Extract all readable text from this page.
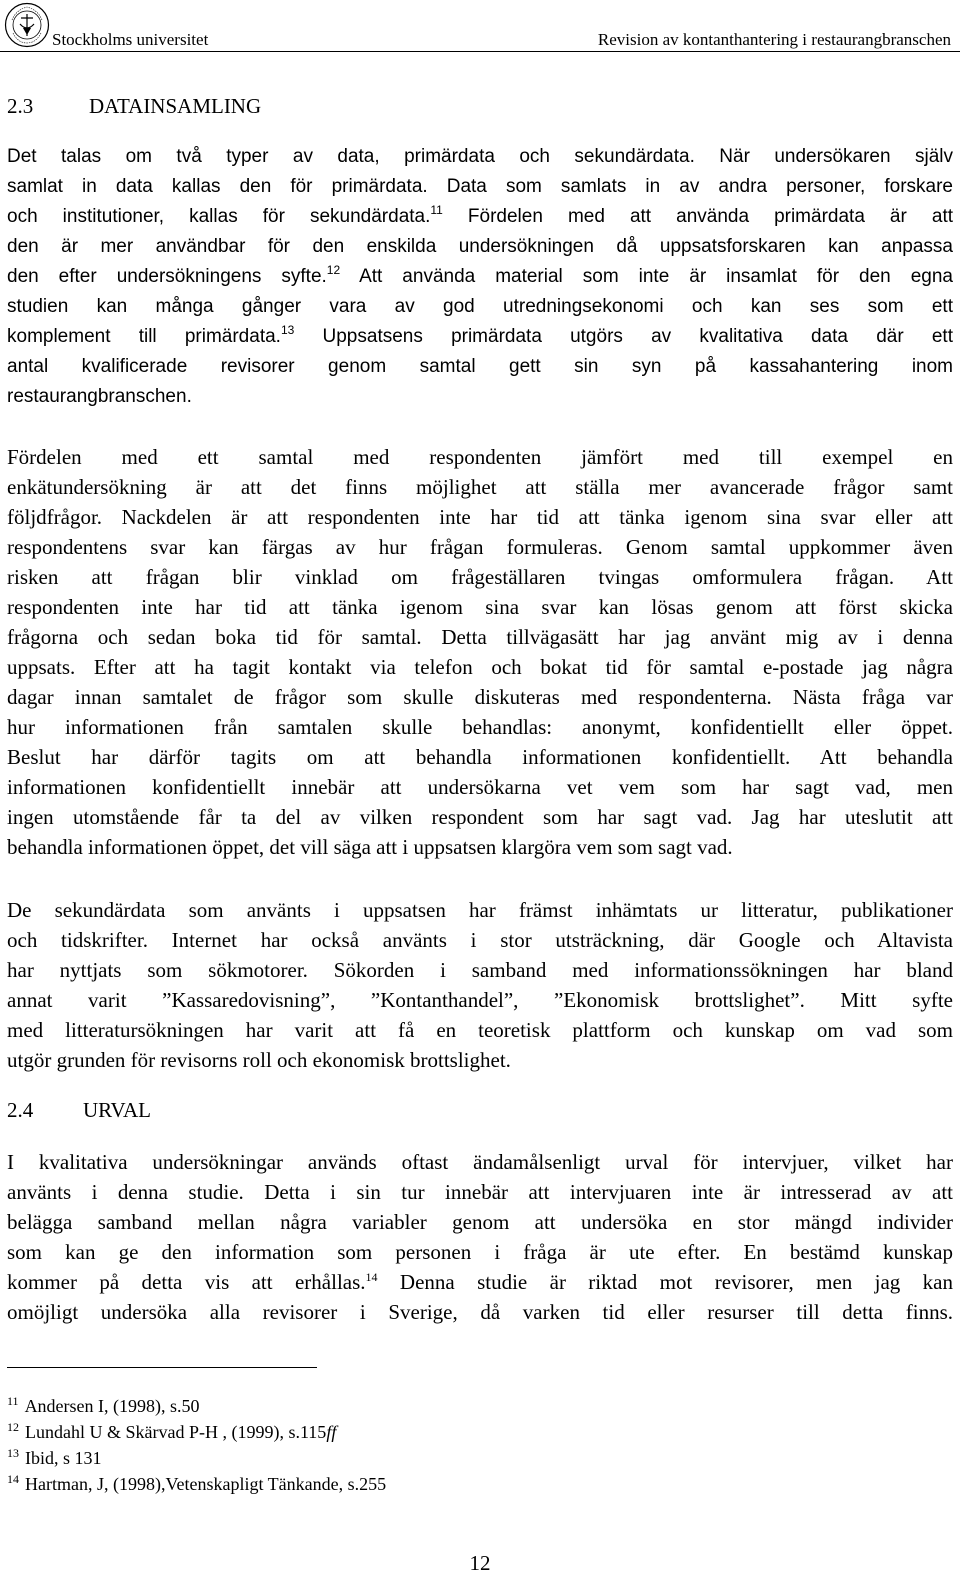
Stockholms universitet	Revision av kontanthantering i restaurangbranschen
2.3	DATAINSAMLING
Det talas om två typer av data, primärdata och sekundärdata. När undersökaren själv
samlat in data kallas den för primärdata. Data som samlats in av andra personer, forskare
och institutioner, kallas för sekundärdata.$^{11}$ Fördelen med att använda primärdata är att
den är mer användbar för den enskilda undersökningen då uppsatsforskaren kan anpassa
den efter undersökningens syfte.$^{12}$ Att använda material som inte är insamlat för den egna
studien kan många gånger vara av god utredningsekonomi och kan ses som ett
komplement till primärdata.$^{13}$ Uppsatsens primärdata utgörs av kvalitativa data där ett
antal kvalificerade revisorer genom samtal gett sin syn på kassahantering inom
restaurangbranschen.
Fördelen med ett samtal med respondenten jämfört med till exempel en
enkätundersökning är att det finns möjlighet att ställa mer avancerade frågor samt
följdfrågor. Nackdelen är att respondenten inte har tid att tänka igenom sina svar eller att
respondentens svar kan färgas av hur frågan formuleras. Genom samtal uppkommer även
risken att frågan blir vinklad om frågeställaren tvingas omformulera frågan. Att
respondenten inte har tid att tänka igenom sina svar kan lösas genom att först skicka
frågorna och sedan boka tid för samtal. Detta tillvägasätt har jag använt mig av i denna
uppsats. Efter att ha tagit kontakt via telefon och bokat tid för samtal e-postade jag några
dagar innan samtalet de frågor som skulle diskuteras med respondenterna. Nästa fråga var
hur informationen från samtalen skulle behandlas: anonymt, konfidentiellt eller öppet.
Beslut har därför tagits om att behandla informationen konfidentiellt. Att behandla
informationen konfidentiellt innebär att undersökarna vet vem som har sagt vad, men
ingen utomstående får ta del av vilken respondent som har sagt vad. Jag har uteslutit att
behandla informationen öppet, det vill säga att i uppsatsen klargöra vem som sagt vad.
De sekundärdata som använts i uppsatsen har främst inhämtats ur litteratur, publikationer
och tidskrifter. Internet har också använts i stor utsträckning, där Google och Altavista
har nyttjats som sökmotorer. Sökorden i samband med informationssökningen har bland
annat varit ”Kassaredovisning”, ”Kontanthandel”, ”Ekonomisk brottslighet”. Mitt syfte
med litteratursökningen har varit att få en teoretisk plattform och kunskap om vad som
utgör grunden för revisorns roll och ekonomisk brottslighet.
2.4 URVAL
I kvalitativa undersökningar används oftast ändamålsenligt urval för intervjuer, vilket har
använts i denna studie. Detta i sin tur innebär att intervjuaren inte är intresserad av att
belägga samband mellan några variabler genom att undersöka en stor mängd individer
som kan ge den information som personen i fråga är ute efter. En bestämd kunskap
kommer på detta vis att erhållas.$^{14}$ Denna studie är riktad mot revisorer, men jag kan
omöjligt undersöka alla revisorer i Sverige, då varken tid eller resurser till detta finns.
$^{11}$ Andersen I, (1998), s.50
$^{12}$ Lundahl U & Skärvad P-H , (1999), s.115ff
$^{13}$ Ibid, s 131
$^{14}$ Hartman, J, (1998),Vetenskapligt Tänkande, s.255
12
